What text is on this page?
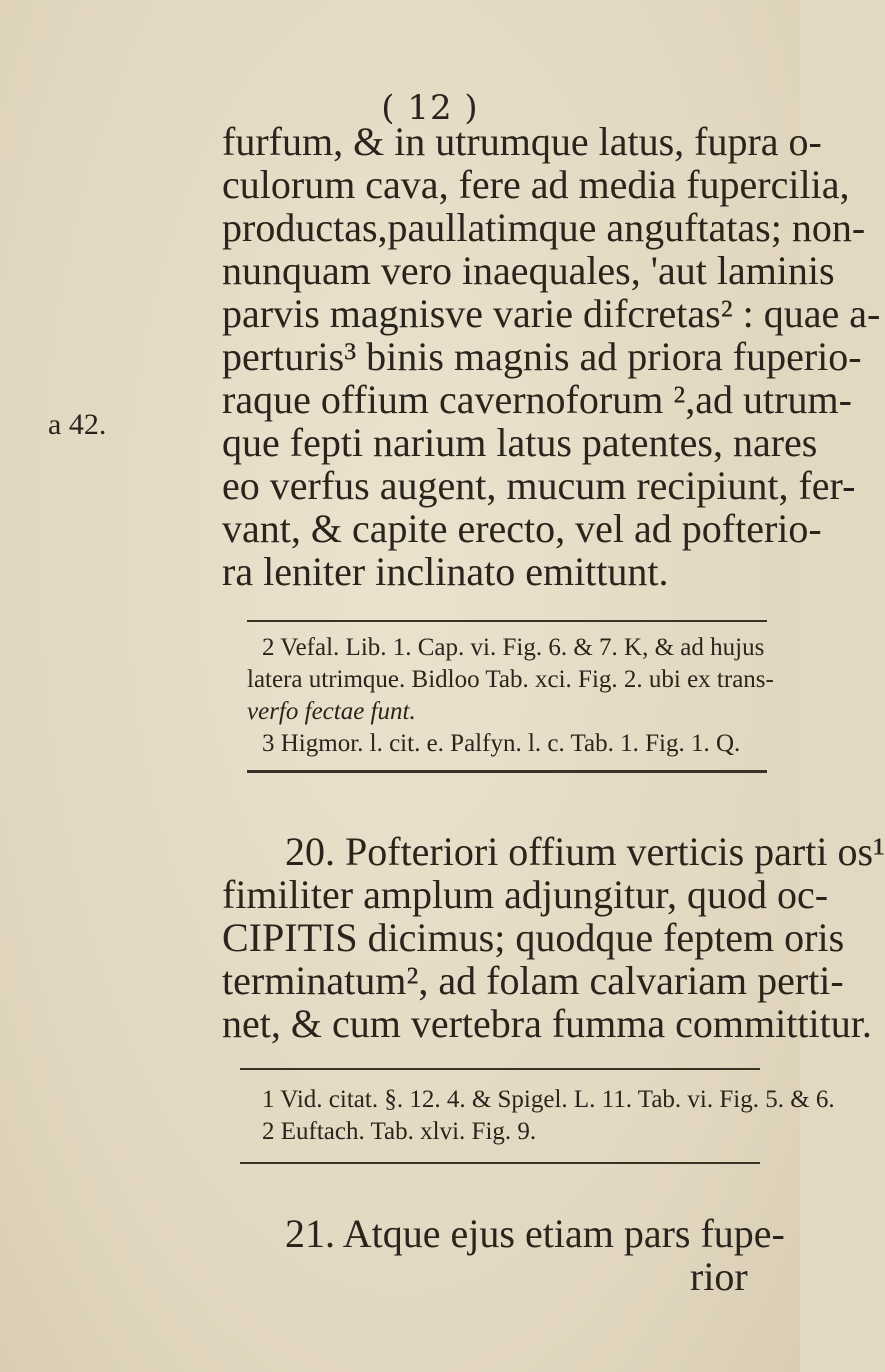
( 12 )
a 42.
furfum, & in utrumque latus, fupra o-
culorum cava, fere ad media fupercilia,
productas,paullatimque anguftatas; non-
nunquam vero inaequales, 'aut laminis
parvis magnisve varie difcretas² : quae a-
perturis³ binis magnis ad priora fuperio-
raque offium cavernoforum ²,ad utrum-
que fepti narium latus patentes, nares
eo verfus augent, mucum recipiunt, fer-
vant, & capite erecto, vel ad pofterio-
ra leniter inclinato emittunt.
2 Vefal. Lib. 1. Cap. vi. Fig. 6. & 7. K, & ad hujus
latera utrimque. Bidloo Tab. xci. Fig. 2. ubi ex trans-
verfo fectae funt.
3 Higmor. l. cit. e. Palfyn. l. c. Tab. 1. Fig. 1. Q.
20. Pofteriori offium verticis parti os¹
fimiliter amplum adjungitur, quod oc-
CIPITIS dicimus; quodque feptem oris
terminatum², ad folam calvariam perti-
net, & cum vertebra fumma committitur.
1 Vid. citat. §. 12. 4. & Spigel. L. 11. Tab. vi. Fig. 5. & 6.
2 Euftach. Tab. xlvi. Fig. 9.
21. Atque ejus etiam pars fupe-
rior
